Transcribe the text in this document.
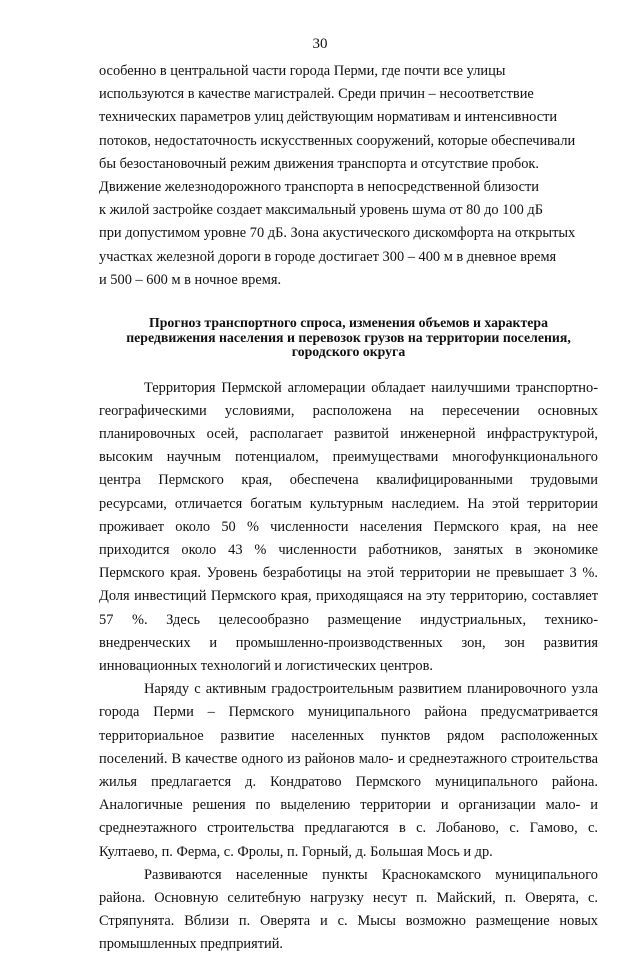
30

особенно в центральной части города Перми, где почти все улицы
используются в качестве магистралей. Среди причин – несоответствие
технических параметров улиц действующим нормативам и интенсивности
потоков, недостаточность искусственных сооружений, которые обеспечивали
бы безостановочный режим движения транспорта и отсутствие пробок.
Движение железнодорожного транспорта в непосредственной близости
к жилой застройке создает максимальный уровень шума от 80 до 100 дБ
при допустимом уровне 70 дБ. Зона акустического дискомфорта на открытых
участках железной дороги в городе достигает 300 – 400 м в дневное время
и 500 – 600 м в ночное время.

Прогноз транспортного спроса, изменения объемов и характера
передвижения населения и перевозок грузов на территории поселения,
городского округа

Территория Пермской агломерации обладает наилучшими транспортно-географическими условиями, расположена на пересечении основных планировочных осей, располагает развитой инженерной инфраструктурой, высоким научным потенциалом, преимуществами многофункционального центра Пермского края, обеспечена квалифицированными трудовыми ресурсами, отличается богатым культурным наследием. На этой территории проживает около 50 % численности населения Пермского края, на нее приходится около 43 % численности работников, занятых в экономике Пермского края. Уровень безработицы на этой территории не превышает 3 %. Доля инвестиций Пермского края, приходящаяся на эту территорию, составляет 57 %. Здесь целесообразно размещение индустриальных, технико-внедренческих и промышленно-производственных зон, зон развития инновационных технологий и логистических центров.

Наряду с активным градостроительным развитием планировочного узла города Перми – Пермского муниципального района предусматривается территориальное развитие населенных пунктов рядом расположенных поселений. В качестве одного из районов мало- и среднеэтажного строительства жилья предлагается д. Кондратово Пермского муниципального района. Аналогичные решения по выделению территории и организации мало- и среднеэтажного строительства предлагаются в с. Лобаново, с. Гамово, с. Култаево, п. Ферма, с. Фролы, п. Горный, д. Большая Мось и др.

Развиваются населенные пункты Краснокамского муниципального района. Основную селитебную нагрузку несут п. Майский, п. Оверята, с. Стряпунята. Вблизи п. Оверята и с. Мысы возможно размещение новых промышленных предприятий.
